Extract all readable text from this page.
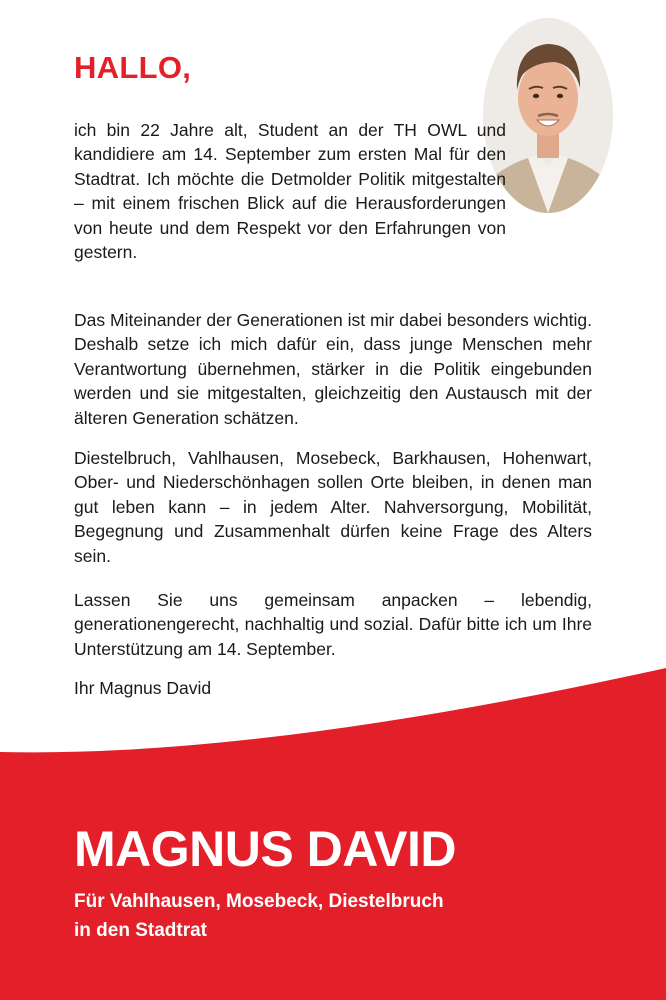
HALLO,

ich bin 22 Jahre alt, Student an der TH OWL und kandidiere am 14. September zum ersten Mal für den Stadtrat. Ich möchte die Detmolder Politik mitgestalten – mit einem frischen Blick auf die Herausforderungen von heute und dem Respekt vor den Erfahrungen von gestern.

Das Miteinander der Generationen ist mir dabei besonders wichtig. Deshalb setze ich mich dafür ein, dass junge Menschen mehr Verantwortung übernehmen, stärker in die Politik eingebunden werden und sie mitgestalten, gleichzeitig den Austausch mit der älteren Generation schätzen.

Diestelbruch, Vahlhausen, Mosebeck, Barkhausen, Hohenwart, Ober- und Niederschönhagen sollen Orte bleiben, in denen man gut leben kann – in jedem Alter. Nahversorgung, Mobilität, Begegnung und Zusammenhalt dürfen keine Frage des Alters sein.

Lassen Sie uns gemeinsam anpacken – lebendig, generationengerecht, nachhaltig und sozial. Dafür bitte ich um Ihre Unterstützung am 14. September.

Ihr Magnus David

MAGNUS DAVID

Für Vahlhausen, Mosebeck, Diestelbruch
in den Stadtrat
